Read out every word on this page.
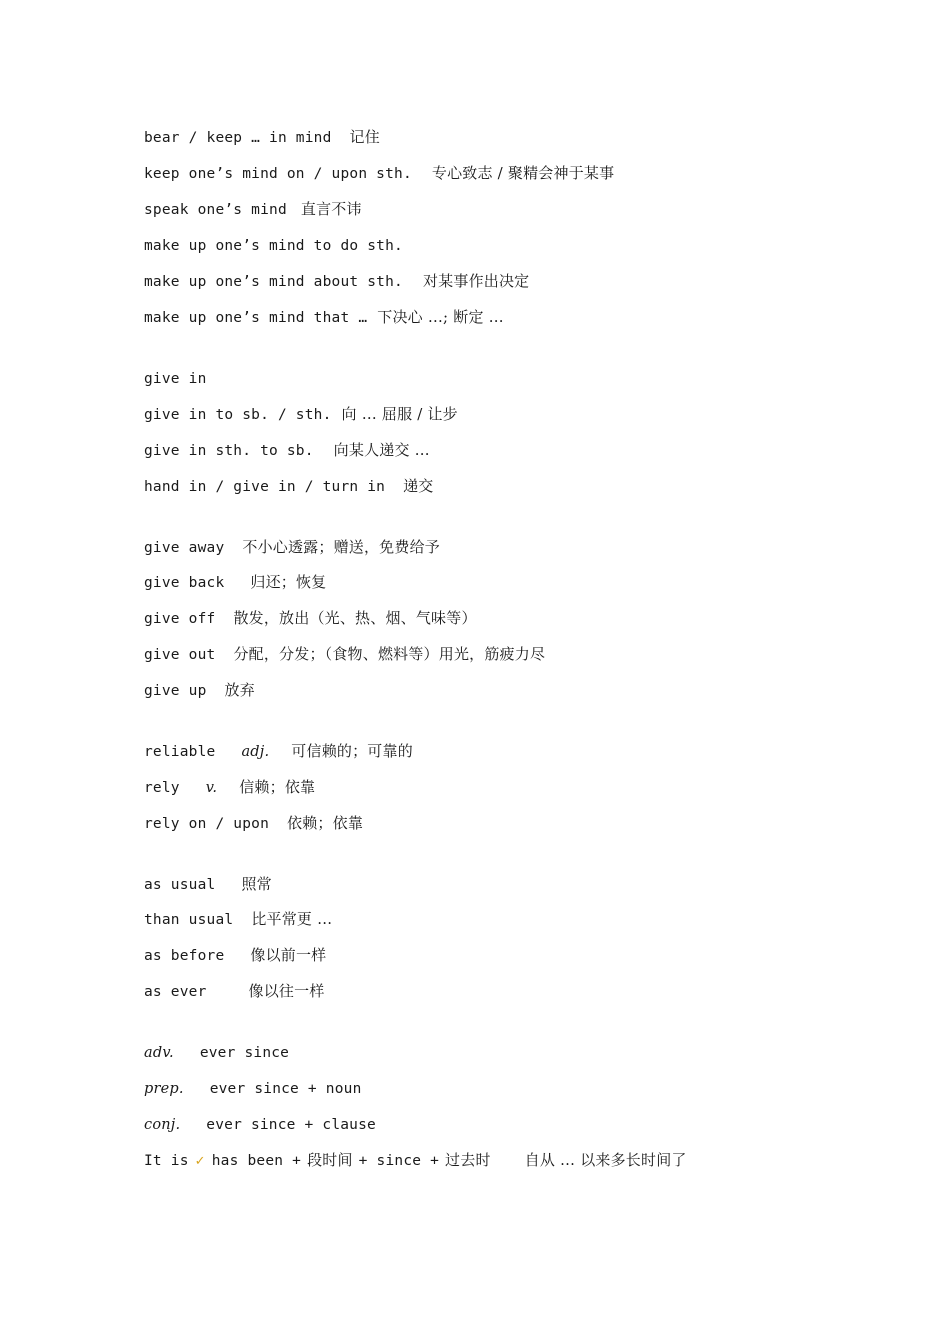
bear / keep … in mind 记住
keep one’s mind on / upon sth. 专心致志 / 聚精会神于某事
speak one’s mind 直言不讳
make up one’s mind to do sth.
make up one’s mind about sth. 对某事作出决定
make up one’s mind that … 下决心 …; 断定 …
give in
give in to sb. / sth. 向 … 屈服 / 让步
give in sth. to sb. 向某人递交 …
hand in / give in / turn in 递交
give away 不小心透露；赠送，免费给予
give back 归还；恢复
give off 散发，放出（光、热、烟、气味等）
give out 分配，分发；（食物、燃料等）用光，筋疲力尽
give up 放弃
reliable adj. 可信赖的；可靠的
rely v. 信赖；依靠
rely on / upon 依赖；依靠
as usual 照常
than usual 比平常更 …
as before 像以前一样
as ever	像以往一样
adv. ever since
prep. ever since + noun
conj. ever since + clause
It is ✓ has been + 段时间 + since + 过去时 自从 … 以来多长时间了
